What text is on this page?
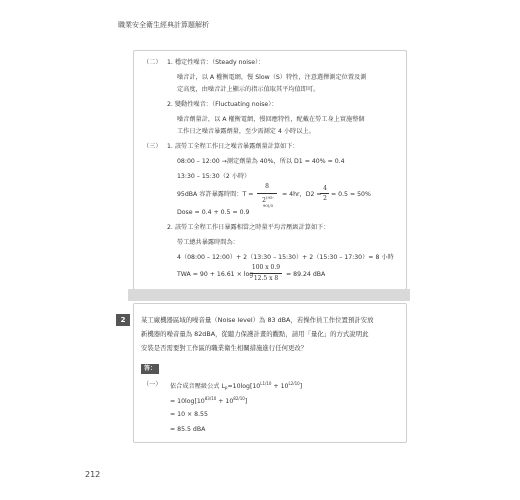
職業安全衛生經典計算題解析
（二） 1. 穩定性噪音：（Steady noise）：
噪音計，以 A 權衡電網，慢 Slow（S）特性，注意選擇測定位置及測
定高度，由噪音計上顯示的指示值取其平均值即可。
2. 變動性噪音：（Fluctuating noise）：
噪音劑量計，以 A 權衡電網，慢回應特性，配戴在勞工身上實施整個
工作日之噪音暴露劑量，至少需測定 4 小時以上。
（三） 1. 該勞工全程工作日之噪音暴露劑量計算如下：
08:00 – 12:00 →測定劑量為 40%，所以 D1 = 40% = 0.4
13:30 – 15:30（2 小時）
95dBA 容許暴露時間：T =
8
$2^{(95-90)/5}$
= 4hr，D2 =
4
2
= 0.5 = 50%
Dose = 0.4 + 0.5 = 0.9
2. 該勞工全程工作日暴露相當之時量平均音壓級計算如下：
勞工總共暴露時間為：
4（08:00 – 12:00）+ 2（13:30 – 15:30）+ 2（15:30 – 17:30）= 8 小時
TWA = 90 + 16.61 × log
100 x 0.9
12.5 x 8
= 89.24 dBA
2	某工廠機器區域的噪音量（Noise level）為 83 dBA，若操作員工作位置預計安放
新機器的噪音量為 82dBA，從聽力保護計畫的觀點，請用「量化」的方式說明此
安裝是否需要對工作區的職業衛生相關措施進行任何更改？
答：
（一） 依合成音壓級公式 $L_p=10\log[10^{L1/10} + 10^{L2/10}]$
= $10\log[10^{83/10} + 10^{82/10}]$
= 10 × 8.55
= 85.5 dBA
212
